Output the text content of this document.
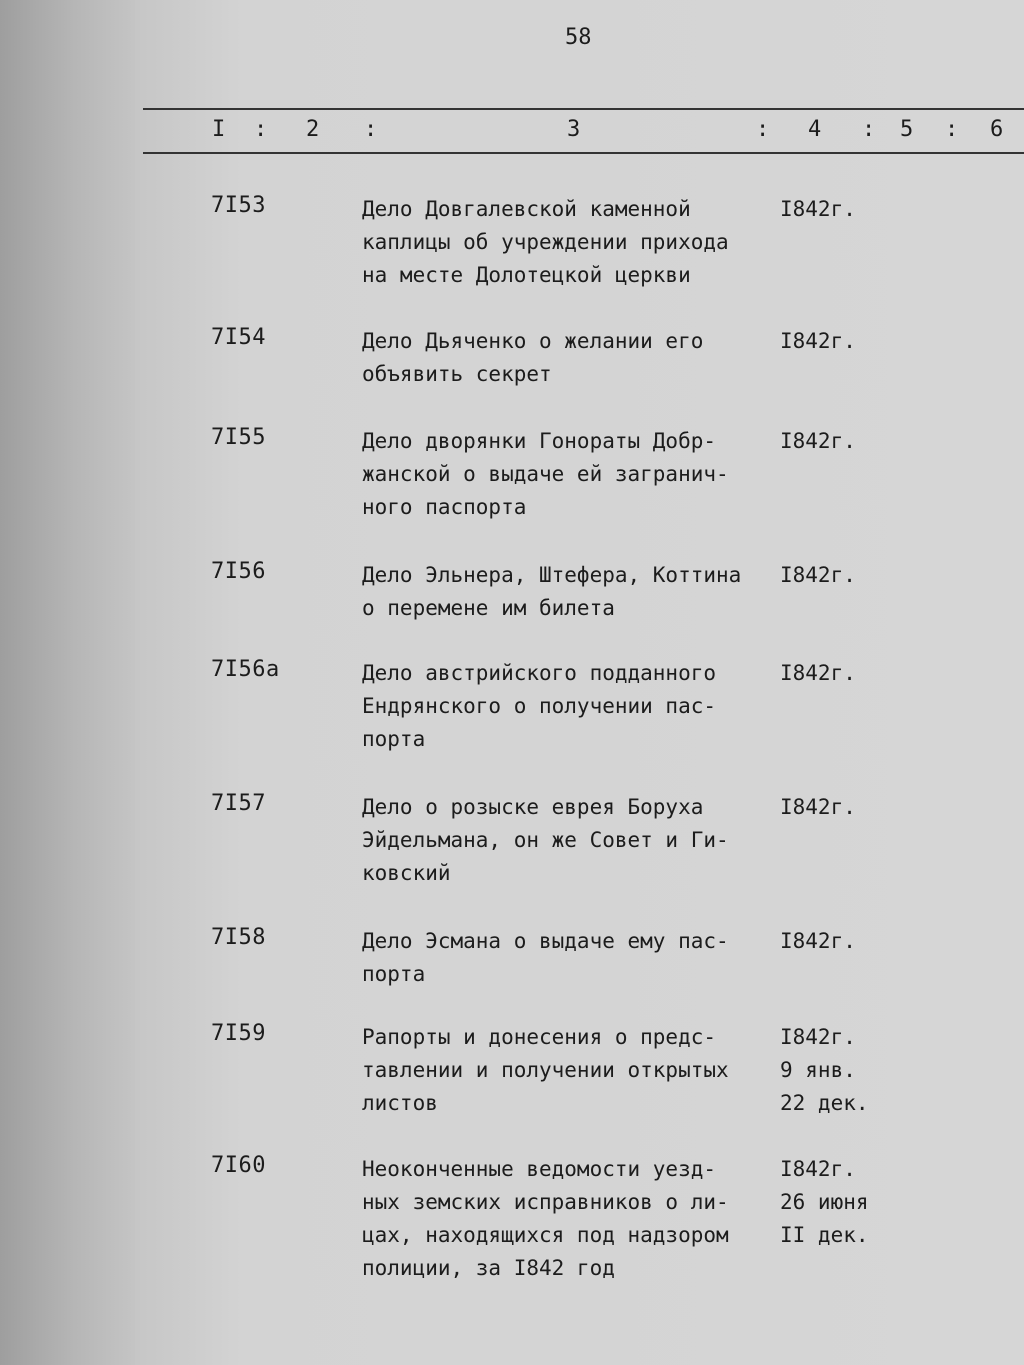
58
I : 2 :	3	: 4 : 5 : 6
7I53	Дело Довгалевской каменной
каплицы об учреждении прихода
на месте Долотецкой церкви
I842г.
7I54	Дело Дьяченко о желании его
объявить секрет
I842г.
7I55	Дело дворянки Гонораты Добр-
жанской о выдаче ей загранич-
ного паспорта
I842г.
7I56	Дело Эльнера, Штефера, Коттина
о перемене им билета
I842г.
7I56a	Дело австрийского подданного
Ендрянского о получении пас-
порта
I842г.
7I57	Дело о розыске еврея Боруха
Эйдельмана, он же Совет и Ги-
ковский
I842г.
7I58	Дело Эсмана о выдаче ему пас-
порта
I842г.
7I59	Рапорты и донесения о предс-
тавлении и получении открытых
листов
I842г.
9 янв.
22 дек.
7I60	Неоконченные ведомости уезд-
ных земских исправников о ли-
цах, находящихся под надзором
полиции, за I842 год
I842г.
26 июня
II дек.
